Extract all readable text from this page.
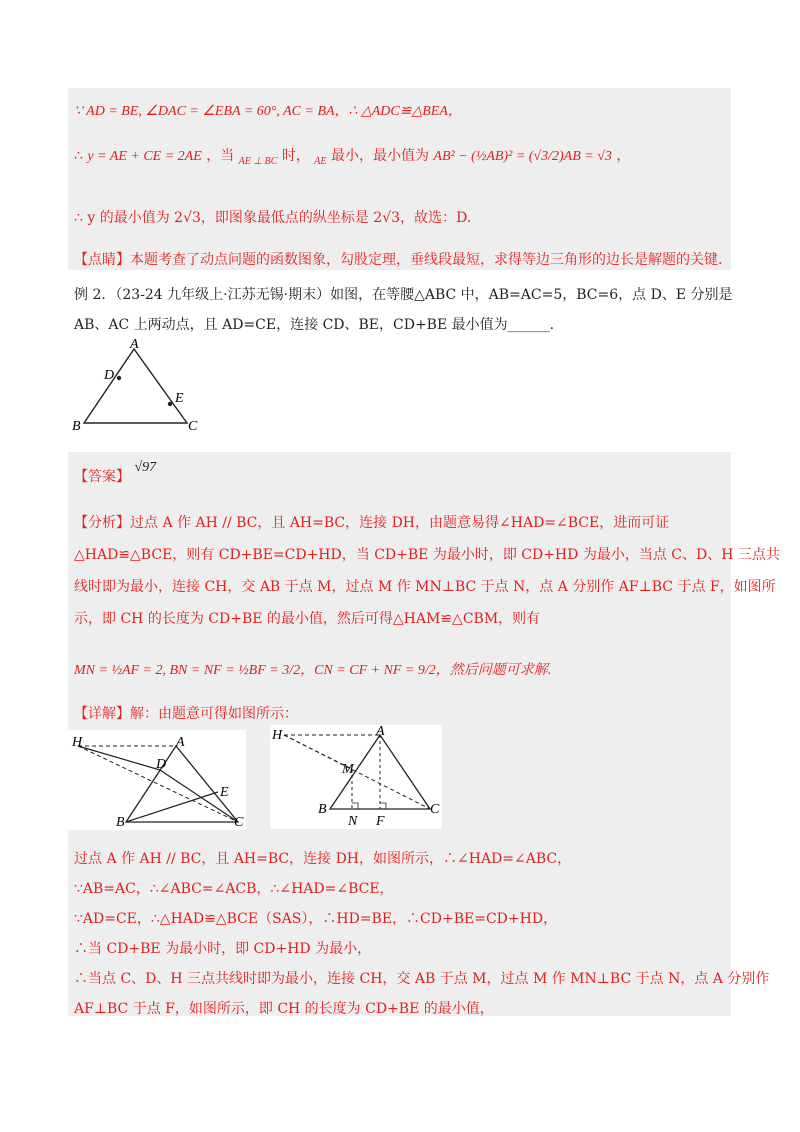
∵ AD = BE, ∠DAC = ∠EBA = 60°, AC = BA，∴ △ADC≌△BEA，
∴ y = AE + CE = 2AE ，当 $_{AE \perp BC}$ 时， $_{AE}$ 最小，最小值为 AB² − (½AB)² = (√3/2)AB = √3 ，
∴ y 的最小值为 2√3，即图象最低点的纵坐标是 2√3，故选：D.
【点睛】本题考查了动点问题的函数图象，勾股定理，垂线段最短，求得等边三角形的边长是解题的关键.
例 2．（23-24 九年级上·江苏无锡·期末）如图，在等腰△ABC 中，AB=AC=5，BC=6，点 D、E 分别是
AB、AC 上两动点，且 AD=CE，连接 CD、BE，CD+BE 最小值为______.
A
D
E
B	C
【答案】 √97
【分析】过点 A 作 AH // BC，且 AH=BC，连接 DH，由题意易得∠HAD=∠BCE，进而可证
△HAD≌△BCE，则有 CD+BE=CD+HD，当 CD+BE 为最小时，即 CD+HD 为最小，当点 C、D、H 三点共
线时即为最小，连接 CH，交 AB 于点 M，过点 M 作 MN⊥BC 于点 N，点 A 分别作 AF⊥BC 于点 F，如图所
示，即 CH 的长度为 CD+BE 的最小值，然后可得△HAM≌△CBM，则有
MN = ½AF = 2, BN = NF = ½BF = 3/2，CN = CF + NF = 9/2，然后问题可求解.
【详解】解：由题意可得如图所示：
H	A
D
E
B	C
H	A
M
B	C
N F
过点 A 作 AH // BC，且 AH=BC，连接 DH，如图所示，∴∠HAD=∠ABC，
∵AB=AC，∴∠ABC=∠ACB，∴∠HAD=∠BCE，
∵AD=CE，∴△HAD≌△BCE（SAS），∴HD=BE，∴CD+BE=CD+HD，
∴当 CD+BE 为最小时，即 CD+HD 为最小，
∴当点 C、D、H 三点共线时即为最小，连接 CH，交 AB 于点 M，过点 M 作 MN⊥BC 于点 N，点 A 分别作
AF⊥BC 于点 F，如图所示，即 CH 的长度为 CD+BE 的最小值，
